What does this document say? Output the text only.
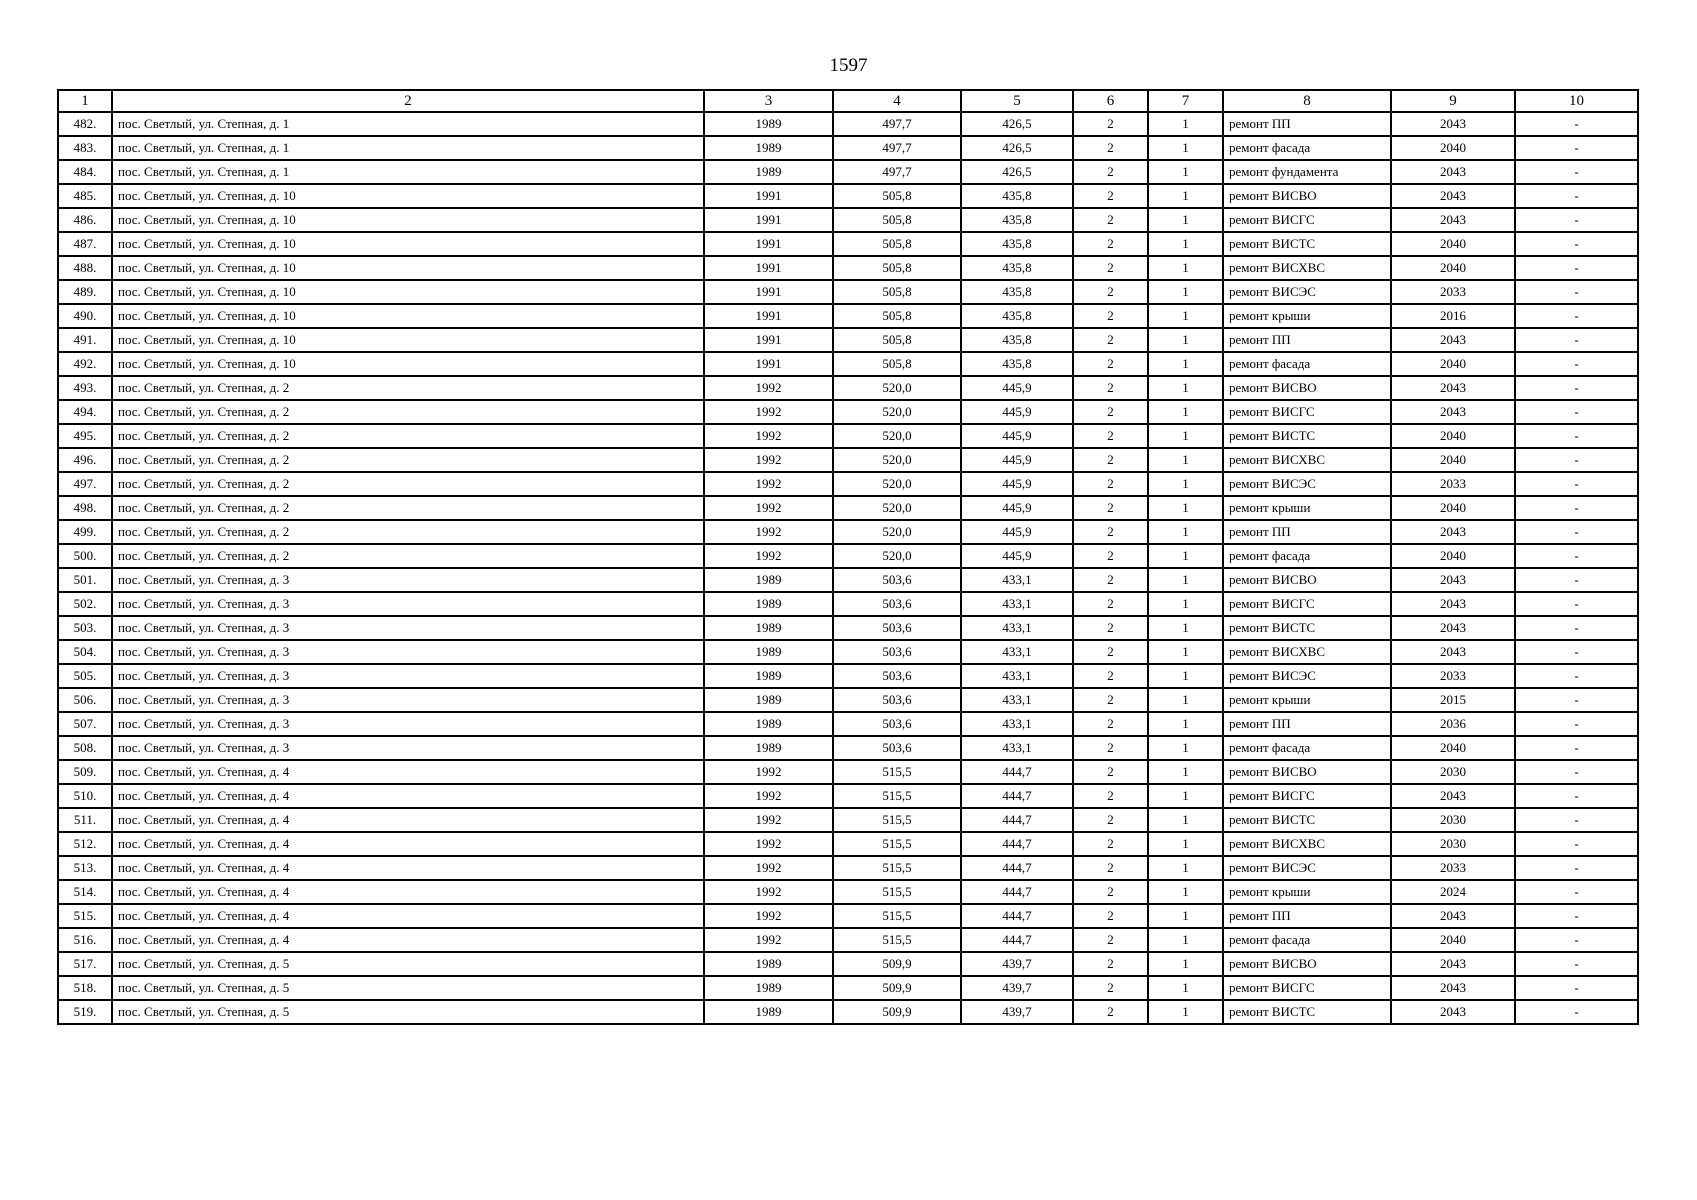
1597
1	2	3	4	5	6	7	8	9	10
482.	пос. Светлый, ул. Степная, д. 1	1989	497,7	426,5	2	1	ремонт ПП	2043	-
483.	пос. Светлый, ул. Степная, д. 1	1989	497,7	426,5	2	1	ремонт фасада	2040	-
484.	пос. Светлый, ул. Степная, д. 1	1989	497,7	426,5	2	1	ремонт фундамента	2043	-
485.	пос. Светлый, ул. Степная, д. 10	1991	505,8	435,8	2	1	ремонт ВИСВО	2043	-
486.	пос. Светлый, ул. Степная, д. 10	1991	505,8	435,8	2	1	ремонт ВИСГС	2043	-
487.	пос. Светлый, ул. Степная, д. 10	1991	505,8	435,8	2	1	ремонт ВИСТС	2040	-
488.	пос. Светлый, ул. Степная, д. 10	1991	505,8	435,8	2	1	ремонт ВИСХВС	2040	-
489.	пос. Светлый, ул. Степная, д. 10	1991	505,8	435,8	2	1	ремонт ВИСЭС	2033	-
490.	пос. Светлый, ул. Степная, д. 10	1991	505,8	435,8	2	1	ремонт крыши	2016	-
491.	пос. Светлый, ул. Степная, д. 10	1991	505,8	435,8	2	1	ремонт ПП	2043	-
492.	пос. Светлый, ул. Степная, д. 10	1991	505,8	435,8	2	1	ремонт фасада	2040	-
493.	пос. Светлый, ул. Степная, д. 2	1992	520,0	445,9	2	1	ремонт ВИСВО	2043	-
494.	пос. Светлый, ул. Степная, д. 2	1992	520,0	445,9	2	1	ремонт ВИСГС	2043	-
495.	пос. Светлый, ул. Степная, д. 2	1992	520,0	445,9	2	1	ремонт ВИСТС	2040	-
496.	пос. Светлый, ул. Степная, д. 2	1992	520,0	445,9	2	1	ремонт ВИСХВС	2040	-
497.	пос. Светлый, ул. Степная, д. 2	1992	520,0	445,9	2	1	ремонт ВИСЭС	2033	-
498.	пос. Светлый, ул. Степная, д. 2	1992	520,0	445,9	2	1	ремонт крыши	2040	-
499.	пос. Светлый, ул. Степная, д. 2	1992	520,0	445,9	2	1	ремонт ПП	2043	-
500.	пос. Светлый, ул. Степная, д. 2	1992	520,0	445,9	2	1	ремонт фасада	2040	-
501.	пос. Светлый, ул. Степная, д. 3	1989	503,6	433,1	2	1	ремонт ВИСВО	2043	-
502.	пос. Светлый, ул. Степная, д. 3	1989	503,6	433,1	2	1	ремонт ВИСГС	2043	-
503.	пос. Светлый, ул. Степная, д. 3	1989	503,6	433,1	2	1	ремонт ВИСТС	2043	-
504.	пос. Светлый, ул. Степная, д. 3	1989	503,6	433,1	2	1	ремонт ВИСХВС	2043	-
505.	пос. Светлый, ул. Степная, д. 3	1989	503,6	433,1	2	1	ремонт ВИСЭС	2033	-
506.	пос. Светлый, ул. Степная, д. 3	1989	503,6	433,1	2	1	ремонт крыши	2015	-
507.	пос. Светлый, ул. Степная, д. 3	1989	503,6	433,1	2	1	ремонт ПП	2036	-
508.	пос. Светлый, ул. Степная, д. 3	1989	503,6	433,1	2	1	ремонт фасада	2040	-
509.	пос. Светлый, ул. Степная, д. 4	1992	515,5	444,7	2	1	ремонт ВИСВО	2030	-
510.	пос. Светлый, ул. Степная, д. 4	1992	515,5	444,7	2	1	ремонт ВИСГС	2043	-
511.	пос. Светлый, ул. Степная, д. 4	1992	515,5	444,7	2	1	ремонт ВИСТС	2030	-
512.	пос. Светлый, ул. Степная, д. 4	1992	515,5	444,7	2	1	ремонт ВИСХВС	2030	-
513.	пос. Светлый, ул. Степная, д. 4	1992	515,5	444,7	2	1	ремонт ВИСЭС	2033	-
514.	пос. Светлый, ул. Степная, д. 4	1992	515,5	444,7	2	1	ремонт крыши	2024	-
515.	пос. Светлый, ул. Степная, д. 4	1992	515,5	444,7	2	1	ремонт ПП	2043	-
516.	пос. Светлый, ул. Степная, д. 4	1992	515,5	444,7	2	1	ремонт фасада	2040	-
517.	пос. Светлый, ул. Степная, д. 5	1989	509,9	439,7	2	1	ремонт ВИСВО	2043	-
518.	пос. Светлый, ул. Степная, д. 5	1989	509,9	439,7	2	1	ремонт ВИСГС	2043	-
519.	пос. Светлый, ул. Степная, д. 5	1989	509,9	439,7	2	1	ремонт ВИСТС	2043	-
